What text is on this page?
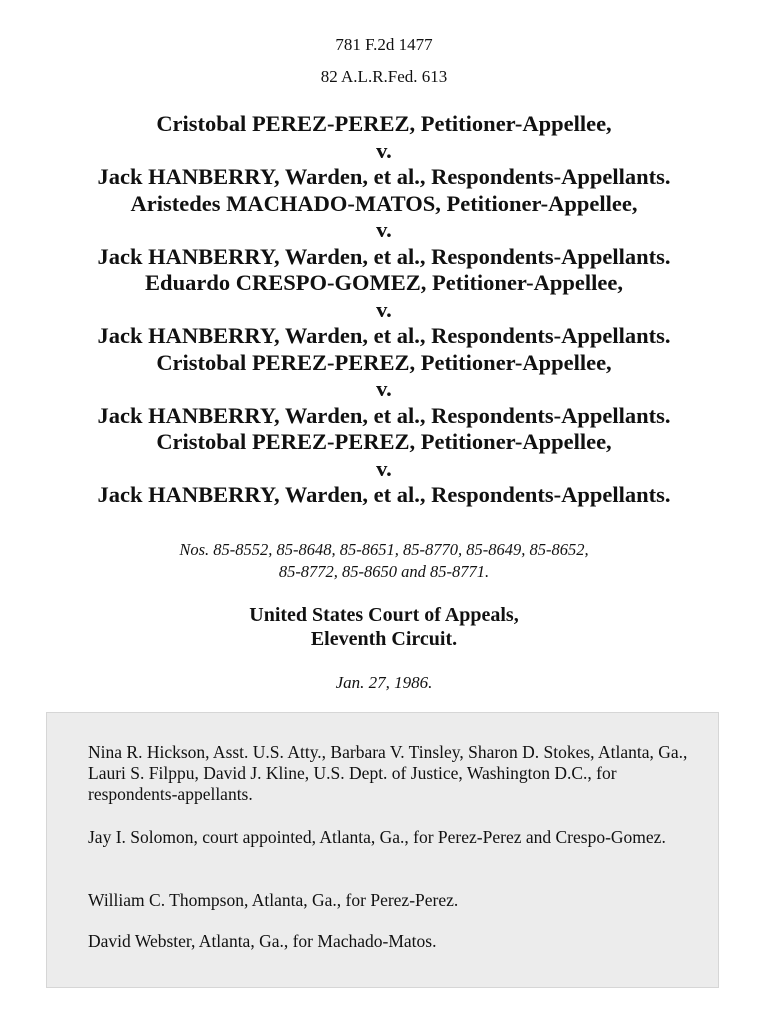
781 F.2d 1477
82 A.L.R.Fed. 613
Cristobal PEREZ-PEREZ, Petitioner-Appellee,
v.
Jack HANBERRY, Warden, et al., Respondents-Appellants.
Aristedes MACHADO-MATOS, Petitioner-Appellee,
v.
Jack HANBERRY, Warden, et al., Respondents-Appellants.
Eduardo CRESPO-GOMEZ, Petitioner-Appellee,
v.
Jack HANBERRY, Warden, et al., Respondents-Appellants.
Cristobal PEREZ-PEREZ, Petitioner-Appellee,
v.
Jack HANBERRY, Warden, et al., Respondents-Appellants.
Cristobal PEREZ-PEREZ, Petitioner-Appellee,
v.
Jack HANBERRY, Warden, et al., Respondents-Appellants.
Nos. 85-8552, 85-8648, 85-8651, 85-8770, 85-8649, 85-8652,
85-8772, 85-8650 and 85-8771.
United States Court of Appeals,
Eleventh Circuit.
Jan. 27, 1986.

Nina R. Hickson, Asst. U.S. Atty., Barbara V. Tinsley, Sharon D. Stokes, Atlanta, Ga., Lauri S. Filppu, David J. Kline, U.S. Dept. of Justice, Washington D.C., for respondents-appellants.

Jay I. Solomon, court appointed, Atlanta, Ga., for Perez-Perez and Crespo-Gomez.

William C. Thompson, Atlanta, Ga., for Perez-Perez.

David Webster, Atlanta, Ga., for Machado-Matos.
